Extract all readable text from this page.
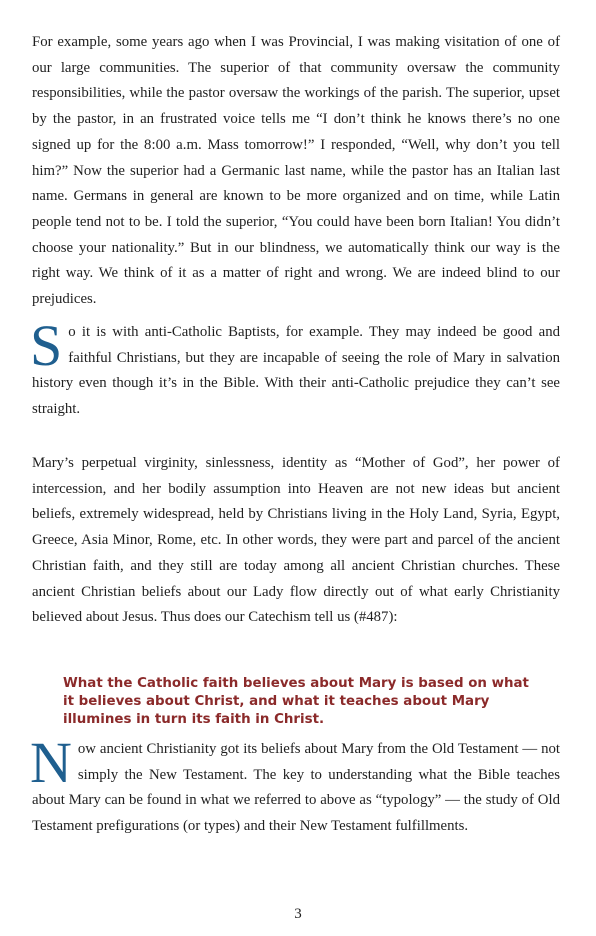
For example, some years ago when I was Provincial, I was making visitation of one of our large communities. The superior of that community oversaw the community responsibilities, while the pastor oversaw the workings of the parish. The superior, upset by the pastor, in an frustrated voice tells me “I don’t think he knows there’s no one signed up for the 8:00 a.m. Mass tomorrow!” I responded, “Well, why don’t you tell him?” Now the superior had a Germanic last name, while the pastor has an Italian last name. Germans in general are known to be more organized and on time, while Latin people tend not to be. I told the superior, “You could have been born Italian! You didn’t choose your nationality.” But in our blindness, we automatically think our way is the right way. We think of it as a matter of right and wrong. We are indeed blind to our prejudices.

So it is with anti-Catholic Baptists, for example. They may indeed be good and faithful Christians, but they are incapable of seeing the role of Mary in salvation history even though it’s in the Bible. With their anti-Catholic prejudice they can’t see straight.

Mary’s perpetual virginity, sinlessness, identity as “Mother of God”, her power of intercession, and her bodily assumption into Heaven are not new ideas but ancient beliefs, extremely widespread, held by Christians living in the Holy Land, Syria, Egypt, Greece, Asia Minor, Rome, etc. In other words, they were part and parcel of the ancient Christian faith, and they still are today among all ancient Christian churches. These ancient Christian beliefs about our Lady flow directly out of what early Christianity believed about Jesus. Thus does our Catechism tell us (#487):

What the Catholic faith believes about Mary is based on what it believes about Christ, and what it teaches about Mary illumines in turn its faith in Christ.

Now ancient Christianity got its beliefs about Mary from the Old Testament — not simply the New Testament. The key to understanding what the Bible teaches about Mary can be found in what we referred to above as “typology” — the study of Old Testament prefigurations (or types) and their New Testament fulfillments.

3
